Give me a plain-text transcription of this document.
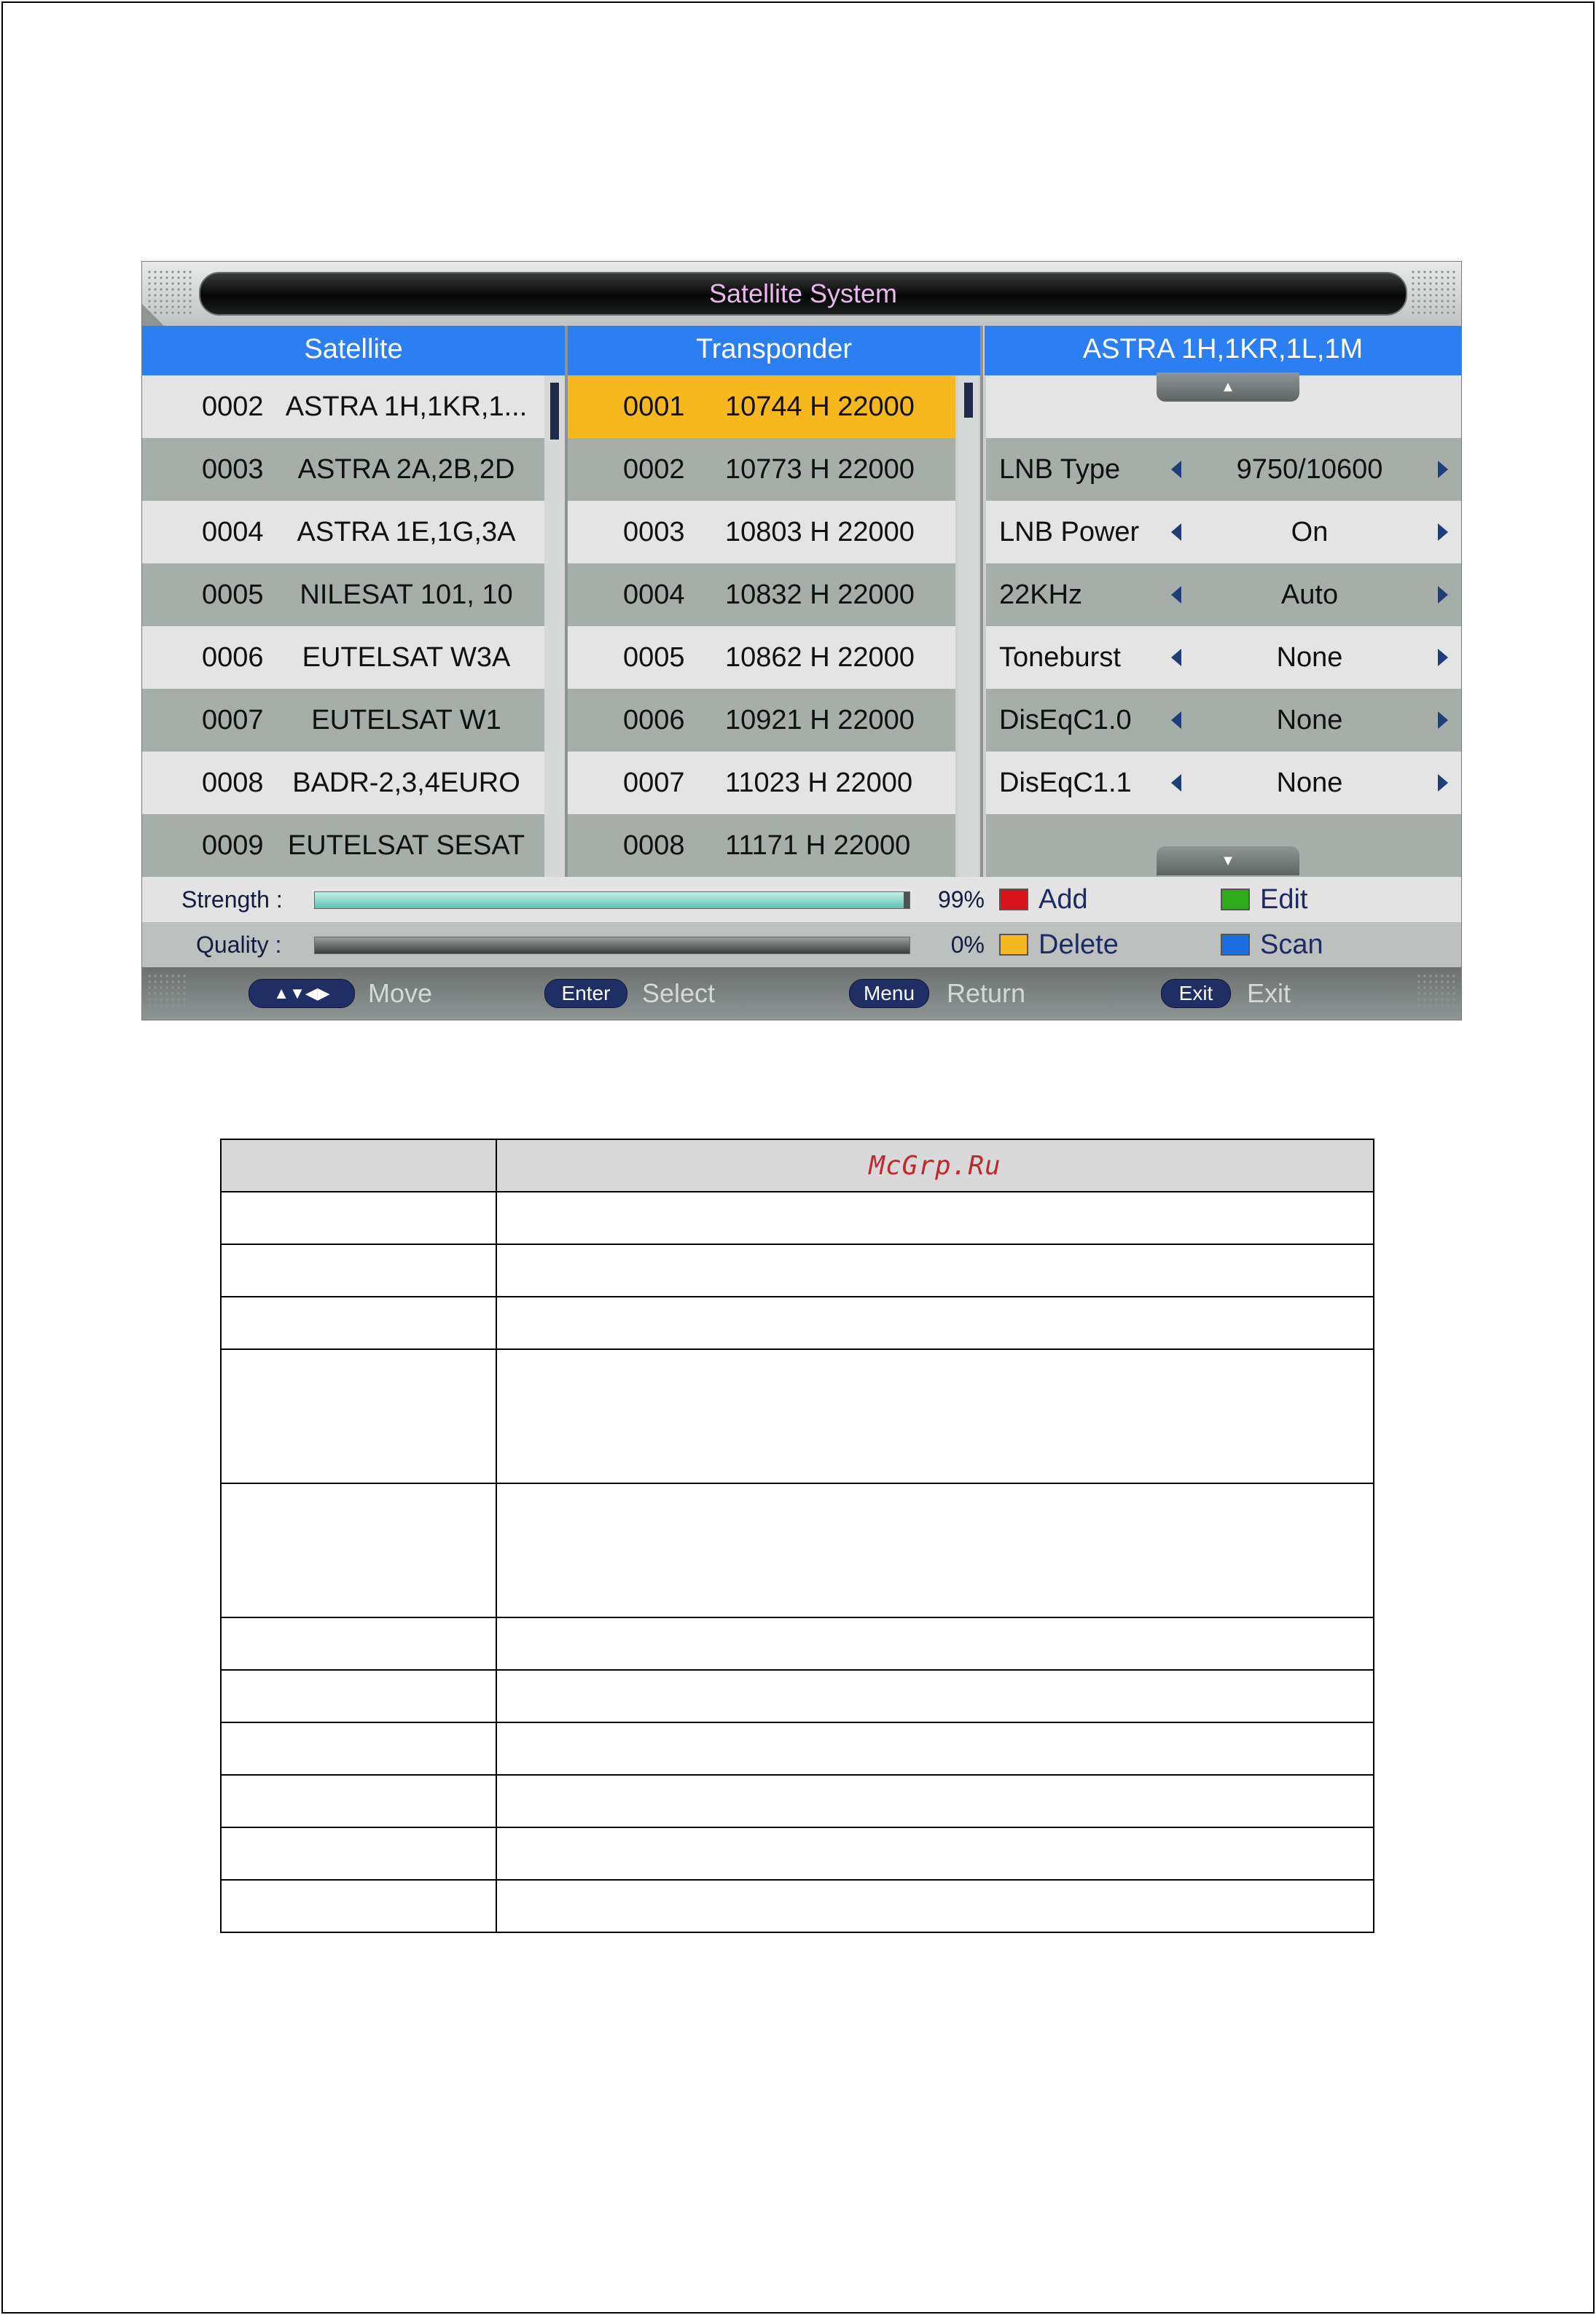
Satellite System
Satellite	Transponder	ASTRA 1H,1KR,1L,1M
0002 ASTRA 1H,1KR,1...
0003	ASTRA 2A,2B,2D
0004	ASTRA 1E,1G,3A
0005	NILESAT 101, 10
0006	EUTELSAT W3A
0007	EUTELSAT W1
0008	BADR-2,3,4EURO
0009 EUTELSAT SESAT
0001 10744 H 22000
0002 10773 H 22000
0003 10803 H 22000
0004 10832 H 22000
0005 10862 H 22000
0006 10921 H 22000
0007 11023 H 22000
0008 11171 H 22000
▲
▼
LNB Type	9750/10600
LNB Power	On
22KHz	Auto
Toneburst	None
DisEqC1.0	None
DisEqC1.1	None
Strength :	99%	Add	Edit
Quality :	0%	Delete	Scan
▲▼◀▶	Move	Enter	Select	Menu	Return	Exit	Exit
	McGrp.Ru
